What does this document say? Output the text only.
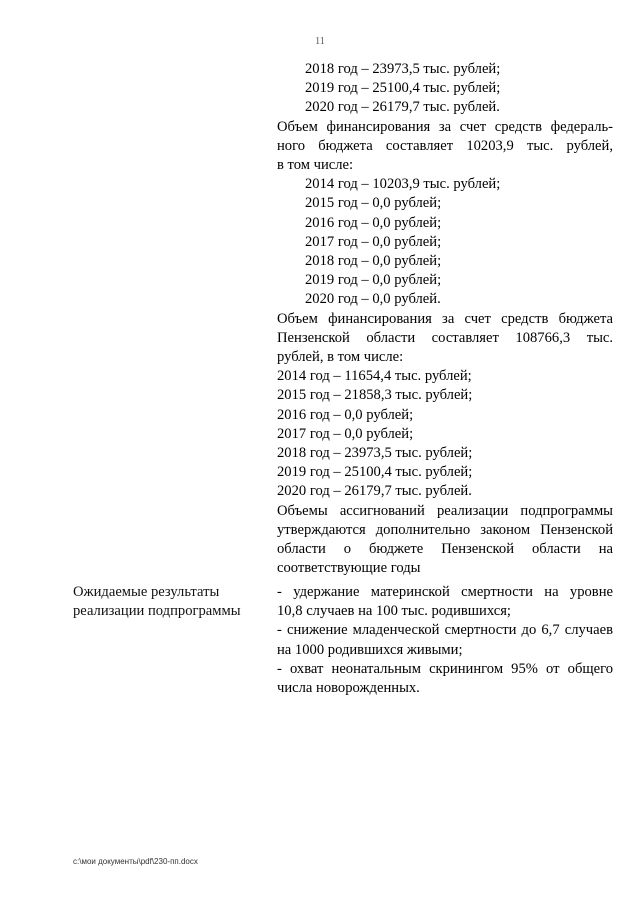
11
2018 год – 23973,5 тыс. рублей;
2019 год – 25100,4 тыс. рублей;
2020 год – 26179,7 тыс. рублей.
Объем финансирования за счет средств федераль-
ного бюджета составляет 10203,9 тыс. рублей,
в том числе:
2014 год – 10203,9 тыс. рублей;
2015 год – 0,0 рублей;
2016 год – 0,0 рублей;
2017 год – 0,0 рублей;
2018 год – 0,0 рублей;
2019 год – 0,0 рублей;
2020 год – 0,0 рублей.
Объем финансирования за счет средств бюджета
Пензенской области составляет 108766,3 тыс.
рублей, в том числе:
2014 год – 11654,4 тыс. рублей;
2015 год – 21858,3 тыс. рублей;
2016 год – 0,0 рублей;
2017 год – 0,0 рублей;
2018 год – 23973,5 тыс. рублей;
2019 год – 25100,4 тыс. рублей;
2020 год – 26179,7 тыс. рублей.
Объемы ассигнований реализации подпрограммы
утверждаются дополнительно законом Пензенской
области о бюджете Пензенской области на
соответствующие годы
Ожидаемые результаты
реализации подпрограммы
- удержание материнской смертности на уровне
10,8 случаев на 100 тыс. родившихся;
- снижение младенческой смертности до 6,7 случаев
на 1000 родившихся живыми;
- охват неонатальным скринингом 95% от общего
числа новорожденных.
c:\мои документы\pdf\230-пп.docx
